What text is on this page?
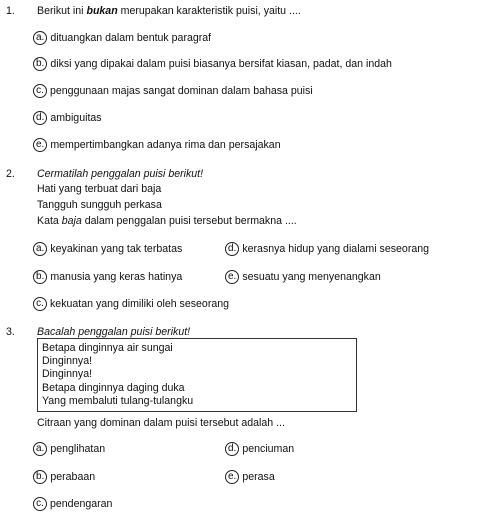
1. Berikut ini bukan merupakan karakteristik puisi, yaitu ....
a. dituangkan dalam bentuk paragraf
b. diksi yang dipakai dalam puisi biasanya bersifat kiasan, padat, dan indah
c. penggunaan majas sangat dominan dalam bahasa puisi
d. ambiguitas
e. mempertimbangkan adanya rima dan persajakan
2. Cermatilah penggalan puisi berikut!
Hati yang terbuat dari baja
Tangguh sungguh perkasa
Kata baja dalam penggalan puisi tersebut bermakna ....
a. keyakinan yang tak terbatas
b. manusia yang keras hatinya
c. kekuatan yang dimiliki oleh seseorang
d. kerasnya hidup yang dialami seseorang
e. sesuatu yang menyenangkan
3. Bacalah penggalan puisi berikut!
Betapa dinginnya air sungai
Dinginnya!
Dinginnya!
Betapa dinginnya daging duka
Yang membaluti tulang-tulangku
Citraan yang dominan dalam puisi tersebut adalah ...
a. penglihatan
b. perabaan
c. pendengaran
d. penciuman
e. perasa
